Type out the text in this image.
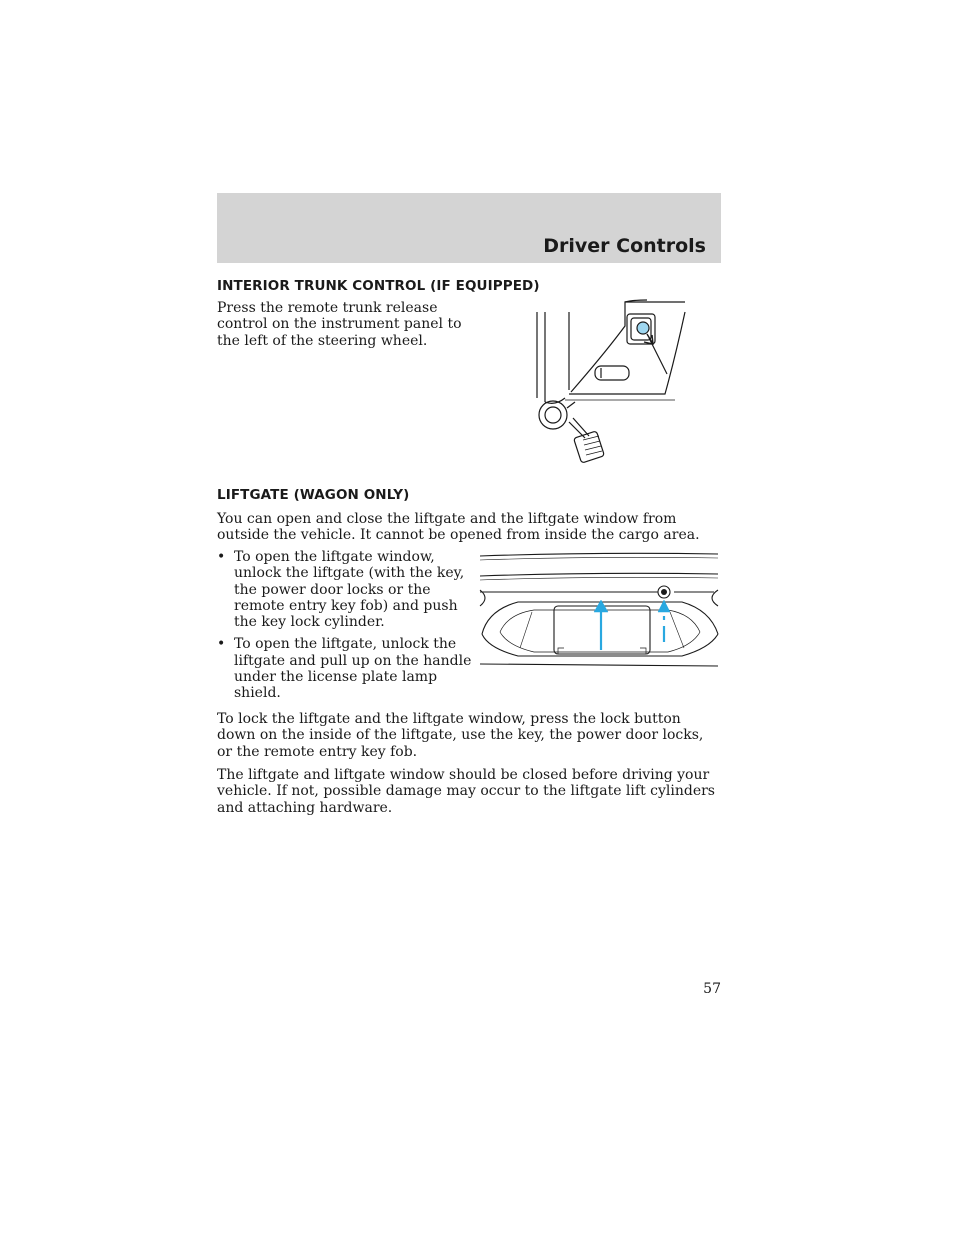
Driver Controls
INTERIOR TRUNK CONTROL (IF EQUIPPED)

Press the remote trunk release control on the instrument panel to the left of the steering wheel.

LIFTGATE (WAGON ONLY)

You can open and close the liftgate and the liftgate window from outside the vehicle. It cannot be opened from inside the cargo area.

• To open the liftgate window, unlock the liftgate (with the key, the power door locks or the remote entry key fob) and push the key lock cylinder.
• To open the liftgate, unlock the liftgate and pull up on the handle under the license plate lamp shield.

To lock the liftgate and the liftgate window, press the lock button down on the inside of the liftgate, use the key, the power door locks, or the remote entry key fob.

The liftgate and liftgate window should be closed before driving your vehicle. If not, possible damage may occur to the liftgate lift cylinders and attaching hardware.

57
